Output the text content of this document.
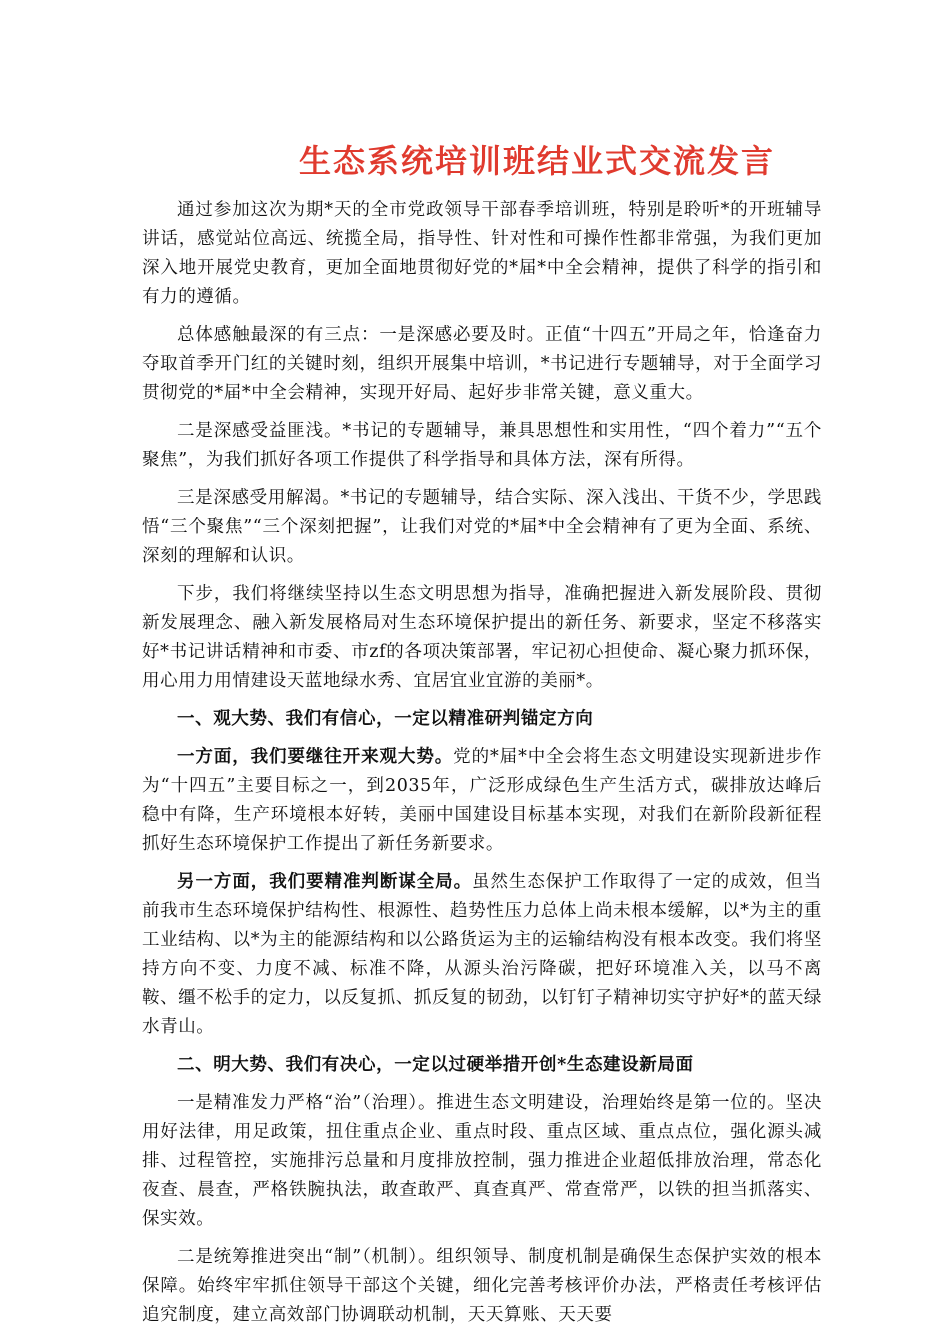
生态系统培训班结业式交流发言

通过参加这次为期*天的全市党政领导干部春季培训班，特别是聆听*的开班辅导讲话，感觉站位高远、统揽全局，指导性、针对性和可操作性都非常强，为我们更加深入地开展党史教育，更加全面地贯彻好党的*届*中全会精神，提供了科学的指引和有力的遵循。

总体感触最深的有三点：一是深感必要及时。正值“十四五”开局之年，恰逢奋力夺取首季开门红的关键时刻，组织开展集中培训，*书记进行专题辅导，对于全面学习贯彻党的*届*中全会精神，实现开好局、起好步非常关键，意义重大。

二是深感受益匪浅。*书记的专题辅导，兼具思想性和实用性，“四个着力”“五个聚焦”，为我们抓好各项工作提供了科学指导和具体方法，深有所得。

三是深感受用解渴。*书记的专题辅导，结合实际、深入浅出、干货不少，学思践悟“三个聚焦”“三个深刻把握”，让我们对党的*届*中全会精神有了更为全面、系统、深刻的理解和认识。

下步，我们将继续坚持以生态文明思想为指导，准确把握进入新发展阶段、贯彻新发展理念、融入新发展格局对生态环境保护提出的新任务、新要求，坚定不移落实好*书记讲话精神和市委、市zf的各项决策部署，牢记初心担使命、凝心聚力抓环保，用心用力用情建设天蓝地绿水秀、宜居宜业宜游的美丽*。

一、观大势、我们有信心，一定以精准研判锚定方向

一方面，我们要继往开来观大势。党的*届*中全会将生态文明建设实现新进步作为“十四五”主要目标之一，到2035年，广泛形成绿色生产生活方式，碳排放达峰后稳中有降，生产环境根本好转，美丽中国建设目标基本实现，对我们在新阶段新征程抓好生态环境保护工作提出了新任务新要求。

另一方面，我们要精准判断谋全局。虽然生态保护工作取得了一定的成效，但当前我市生态环境保护结构性、根源性、趋势性压力总体上尚未根本缓解，以*为主的重工业结构、以*为主的能源结构和以公路货运为主的运输结构没有根本改变。我们将坚持方向不变、力度不减、标准不降，从源头治污降碳，把好环境准入关，以马不离鞍、缰不松手的定力，以反复抓、抓反复的韧劲，以钉钉子精神切实守护好*的蓝天绿水青山。

二、明大势、我们有决心，一定以过硬举措开创*生态建设新局面

一是精准发力严格“治”（治理）。推进生态文明建设，治理始终是第一位的。坚决用好法律，用足政策，扭住重点企业、重点时段、重点区域、重点点位，强化源头减排、过程管控，实施排污总量和月度排放控制，强力推进企业超低排放治理，常态化夜查、晨查，严格铁腕执法，敢查敢严、真查真严、常查常严，以铁的担当抓落实、保实效。

二是统筹推进突出“制”（机制）。组织领导、制度机制是确保生态保护实效的根本保障。始终牢牢抓住领导干部这个关键，细化完善考核评价办法，严格责任考核评估追究制度，建立高效部门协调联动机制，天天算账、天天要
